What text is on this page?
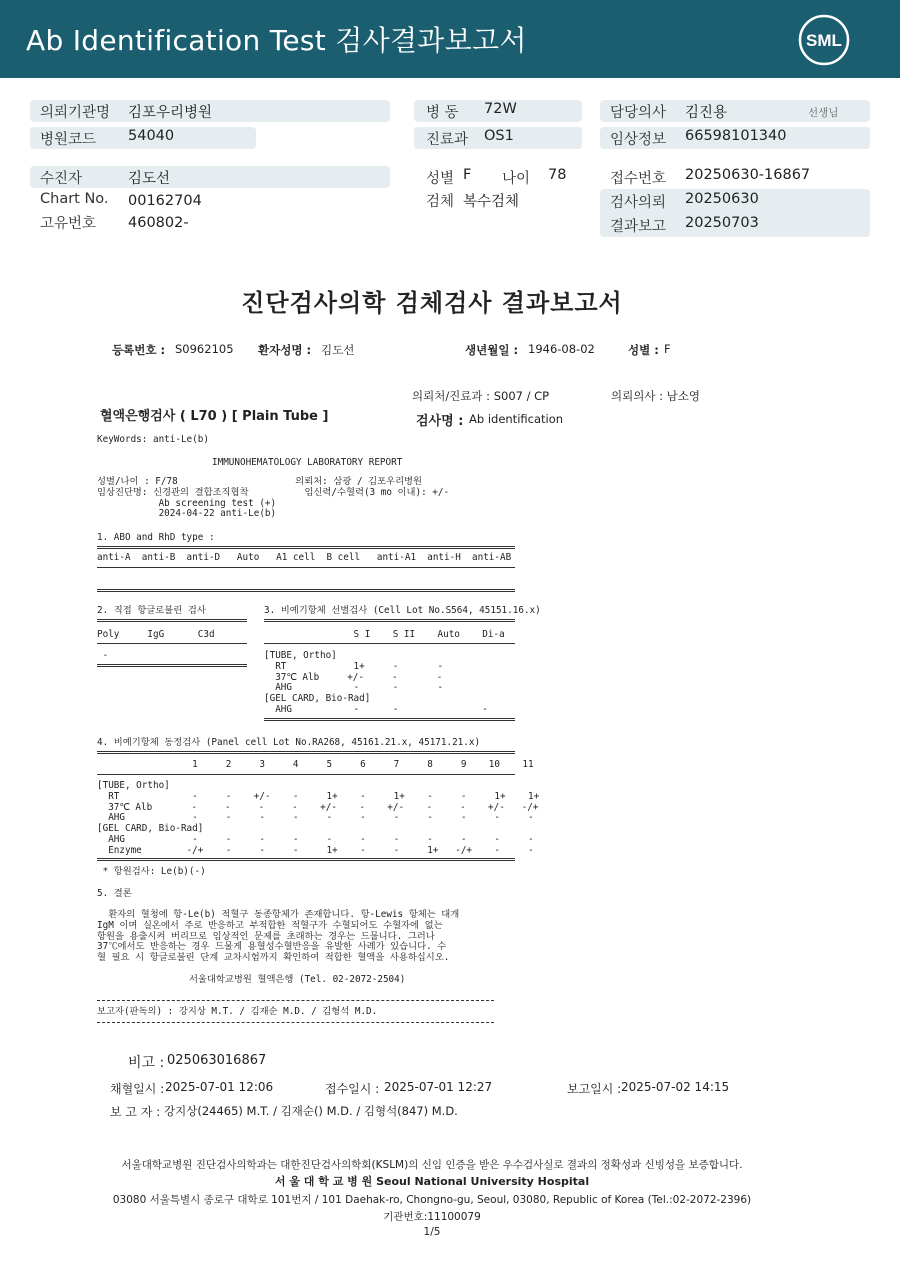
Ab Identification Test 검사결과보고서	SML
의뢰기관명 김포우리병원
병원코드 54040
병 동 72W
진료과 OS1
담당의사 김진용	선생님
임상정보 66598101340
수진자	김도선
Chart No. 00162704
고유번호 460802-
성별 F 나이 78
검체 복수검체
접수번호 20250630-16867
검사의뢰 20250630
결과보고 20250703
진단검사의학 검체검사 결과보고서
등록번호 : S0962105 환자성명 : 김도선	생년월일 : 1946-08-02	성별 : F
의뢰처/진료과 : S007 / CP	의뢰의사 : 남소영
혈액은행검사 ( L70 ) [ Plain Tube ]	검사명 : Ab identification
KeyWords: anti-Le(b)
IMMUNOHEMATOLOGY LABORATORY REPORT
성별/나이 : F/78                     의뢰처: 삼광 / 김포우리병원
임상진단명: 신경관의 결합조직협착          임신력/수혈력(3 mo 이내): +/-
Ab screening test (+)
2024-04-22 anti-Le(b)
1. ABO and RhD type :
anti-A  anti-B  anti-D   Auto   A1 cell  B cell   anti-A1  anti-H  anti-AB
2. 직접 항글로불린 검사
Poly     IgG      C3d
-
3. 비예기항체 선별검사 (Cell Lot No.S564, 45151.16.x)
S I    S II    Auto    Di-a
[TUBE, Ortho]
RT            1+     -       -
37℃ Alb     +/-     -       -
AHG           -      -       -
[GEL CARD, Bio-Rad]
AHG           -      -               -
4. 비예기항체 동정검사 (Panel cell Lot No.RA268, 45161.21.x, 45171.21.x)
1     2     3     4     5     6     7     8     9    10    11
[TUBE, Ortho]
RT             -     -    +/-    -     1+    -     1+    -     -     1+    1+
37℃ Alb       -     -     -     -    +/-    -    +/-    -     -    +/-   -/+
AHG            -     -     -     -     -     -     -     -     -     -     -
[GEL CARD, Bio-Rad]
AHG            -     -     -     -     -     -     -     -     -     -     -
Enzyme        -/+    -     -     -     1+    -     -     1+   -/+    -     -
* 항원검사: Le(b)(-)
5. 결론
환자의 혈청에 항-Le(b) 적혈구 동종항체가 존재합니다. 항-Lewis 항체는 대개
IgM 이며 실온에서 주로 반응하고 부적합한 적혈구가 수혈되어도 수혈자에 없는
항원을 용출시켜 버리므로 임상적인 문제를 초래하는 경우는 드뭅니다. 그러나
37℃에서도 반응하는 경우 드물게 용혈성수혈반응을 유발한 사례가 있습니다. 수
혈 필요 시 항글로불린 단계 교차시험까지 확인하여 적합한 혈액을 사용하십시오.
서울대학교병원 혈액은행 (Tel. 02-2072-2504)
보고자(판독의) : 강지상 M.T. / 김재순 M.D. / 김형석 M.D.
비고 : 025063016867
채혈일시 : 2025-07-01 12:06	접수일시 : 2025-07-01 12:27	보고일시 : 2025-07-02 14:15
보 고 자 : 강지상(24465) M.T. / 김재순() M.D. / 김형석(847) M.D.
서울대학교병원 진단검사의학과는 대한진단검사의학회(KSLM)의 신임 인증을 받은 우수검사실로 결과의 정확성과 신빙성을 보증합니다.
서 울 대 학 교 병 원 Seoul National University Hospital
03080 서울특별시 종로구 대학로 101번지 / 101 Daehak-ro, Chongno-gu, Seoul, 03080, Republic of Korea (Tel.:02-2072-2396)
기관번호:11100079
1/5
